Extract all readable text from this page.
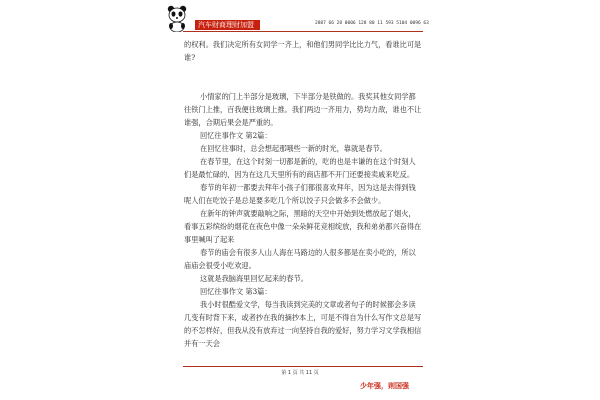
汽车财商理财加盟	2887 66 28 0006 128 80 11 593 5104 0096 63

的权利。我们决定所有女同学一齐上，和他们男同学比比力气，看谁比可是谁?

小情家的门上半部分是玻璃，下半部分是铁做的。我奖其他女同学都往铁门上推，百我便往玻璃上推。我们两边一齐用力，势均力敌，谁也不让谁强，合期后果会是严重的。

回忆往事作文 第2篇：

在回忆往事时，总会想起那哦些一新的时光，靠就是春节。

在春节里，在这个时刻一切都是新的，吃的也是丰谦的在这个时刻人们是最忙碌的，因为在这几天里所有的商店都不开门还要接卖戚来吃反。

春节的年初一都要去拜年小孩子们都很喜欢拜年，因为这是去得到钱呢人们在吃饺子是总是要多吃几个所以饺子只会做多不会做少。

在新年的钟声就要敲响之际，黑暗的天空中开始到处燃放起了烟火，看事五彩缤纷的烟花在夜色中像一朵朵鲜花竞相绽放，我和弟弟都兴奋得在事里喊叫了起来

春节的庙会有很多人山人海在马路边的人很多都是在卖小吃的，所以庙庙会很受小吃欢迎。

这就是我脑海里回忆起来的春节。

回忆往事作文 第3篇：

我小时很酷爱文学，每当我读到完美的文章或者句子的时候都会多读几变有时背下来，或者抄在我的摘抄本上，可是不得自为什么写作文总是写的不怎样好，但我从没有放弃过一向坚持自我的爱好，努力学习文学我相信并有一天会

第 1 页 共 11 页
少年强，则国强
